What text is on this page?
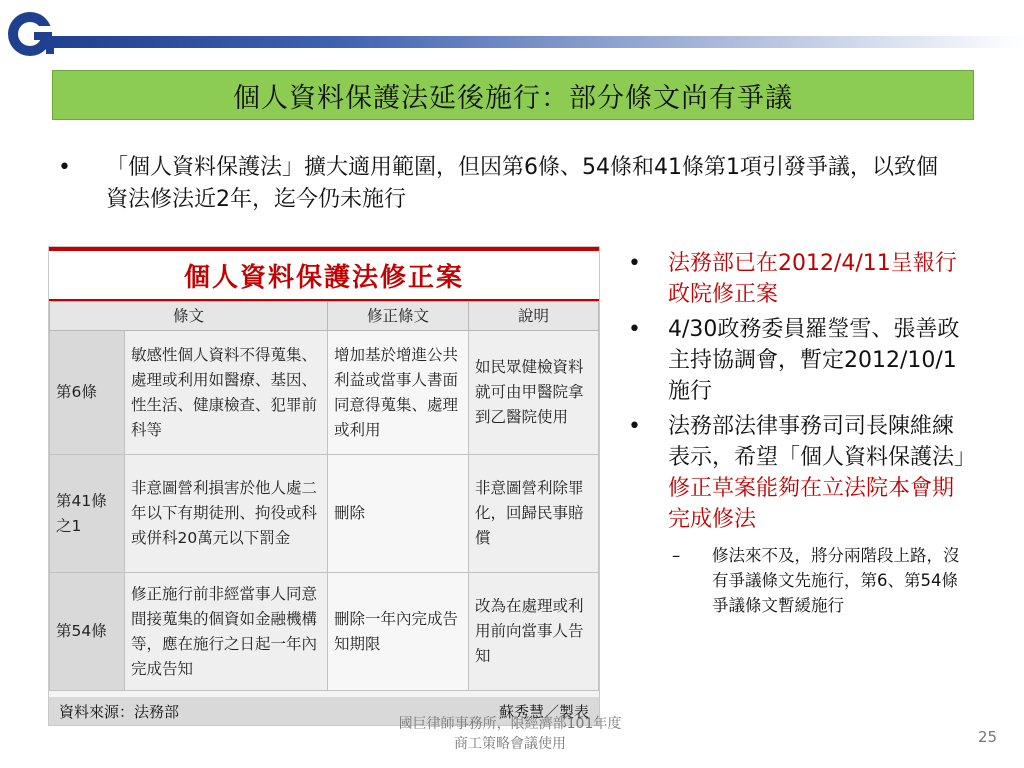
個人資料保護法延後施行：部分條文尚有爭議
• 「個人資料保護法」擴大適用範圍，但因第6條、54條和41條第1項引發爭議，以致個資法修法近2年，迄今仍未施行
個人資料保護法修正案
條文		修正條文	說明
第6條	敏感性個人資料不得蒐集、處理或利用如醫療、基因、性生活、健康檢查、犯罪前科等	增加基於增進公共利益或當事人書面同意得蒐集、處理或利用	如民眾健檢資料就可由甲醫院拿到乙醫院使用
第41條之1	非意圖營利損害於他人處二年以下有期徒刑、拘役或科或併科20萬元以下罰金	刪除	非意圖營利除罪化，回歸民事賠償
第54條	修正施行前非經當事人同意間接蒐集的個資如金融機構等，應在施行之日起一年內完成告知	刪除一年內完成告知期限	改為在處理或利用前向當事人告知
資料來源：法務部	蘇秀慧／製表
• 法務部已在2012/4/11呈報行政院修正案
• 4/30政務委員羅瑩雪、張善政主持協調會，暫定2012/10/1 施行
• 法務部法律事務司司長陳維練表示，希望「個人資料保護法」修正草案能夠在立法院本會期完成修法
– 修法來不及，將分兩階段上路，沒有爭議條文先施行，第6、第54條爭議條文暫緩施行
國巨律師事務所，限經濟部101年度
商工策略會議使用	25
